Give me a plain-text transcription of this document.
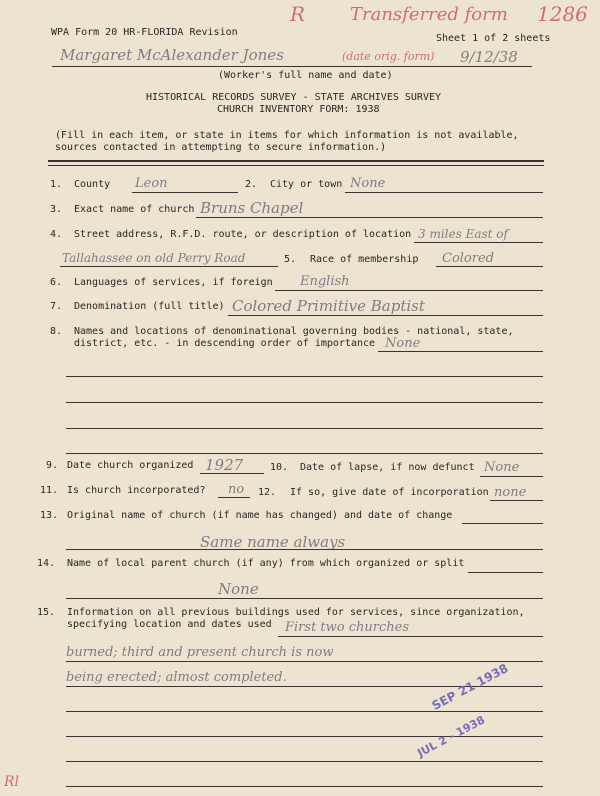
WPA Form 20 HR-FLORIDA Revision
Sheet 1 of 2 sheets
R Transferred form 1286
Margaret McAlexander Jones	(date orig. form) 9/12/38
(Worker's full name and date)
HISTORICAL RECORDS SURVEY - STATE ARCHIVES SURVEY
CHURCH INVENTORY FORM: 1938
(Fill in each item, or state in items for which information is not available,
sources contacted in attempting to secure information.)
1. County Leon	2. City or town None
3. Exact name of church Bruns Chapel
4. Street address, R.F.D. route, or description of location 3 miles East of
Tallahassee on old Perry Road	5. Race of membership Colored
6. Languages of services, if foreign English
7. Denomination (full title) Colored Primitive Baptist
8. Names and locations of denominational governing bodies - national, state,
district, etc. - in descending order of importance None
9. Date church organized 1927	10. Date of lapse, if now defunct None
11. Is church incorporated? no 12. If so, give date of incorporation none
13. Original name of church (if name has changed) and date of change
Same name always
14. Name of local parent church (if any) from which organized or split
None
15. Information on all previous buildings used for services, since organization,
specifying location and dates used First two churches
burned; third and present church is now
being erected; almost completed.	SEP 21 1938
JUL 2 - 1938
Rl
